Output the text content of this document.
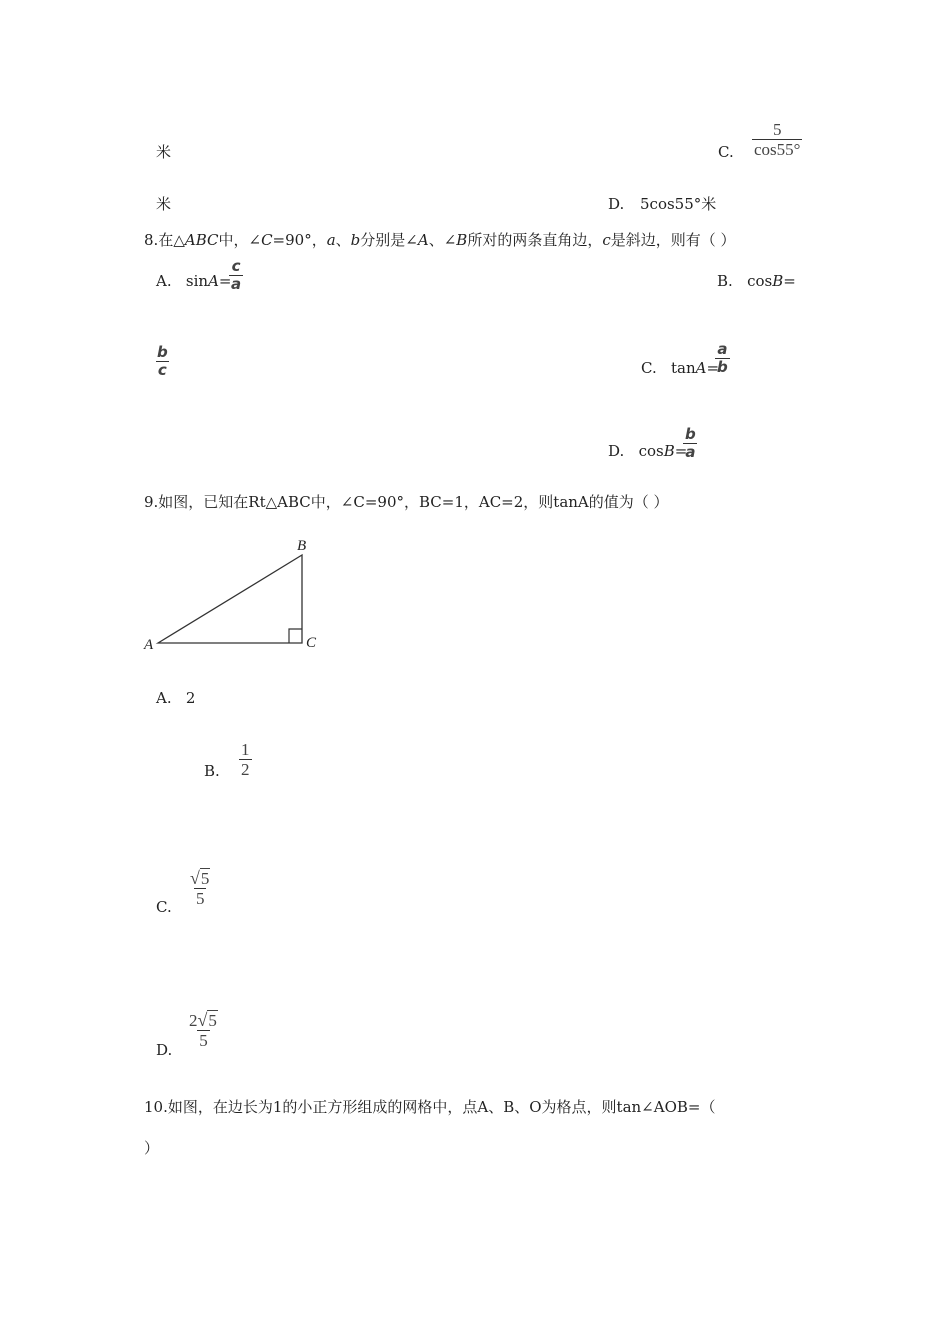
米	C. $\frac{5}{\cos 55^\circ}$
米	D. 5cos55°米
8.在△ABC中，∠C=90°，a、b分别是∠A、∠B所对的两条直角边，c是斜边，则有（ ）
A. sinA=
$\frac{c}{a}$	B. cosB=
$\frac{b}{c}$	C. tanA=
$\frac{a}{b}$
D. cosB=
$\frac{b}{a}$
9.如图，已知在Rt△ABC中，∠C=90°，BC=1，AC=2，则tanA的值为（ ）
B
A	C
A. 2
B. $\frac{1}{2}$
C. $\frac{√5}{5}$
D.
$\frac{2√5}{5}$
10.如图，在边长为1的小正方形组成的网格中，点A、B、O为格点，则tan∠AOB=（
）
